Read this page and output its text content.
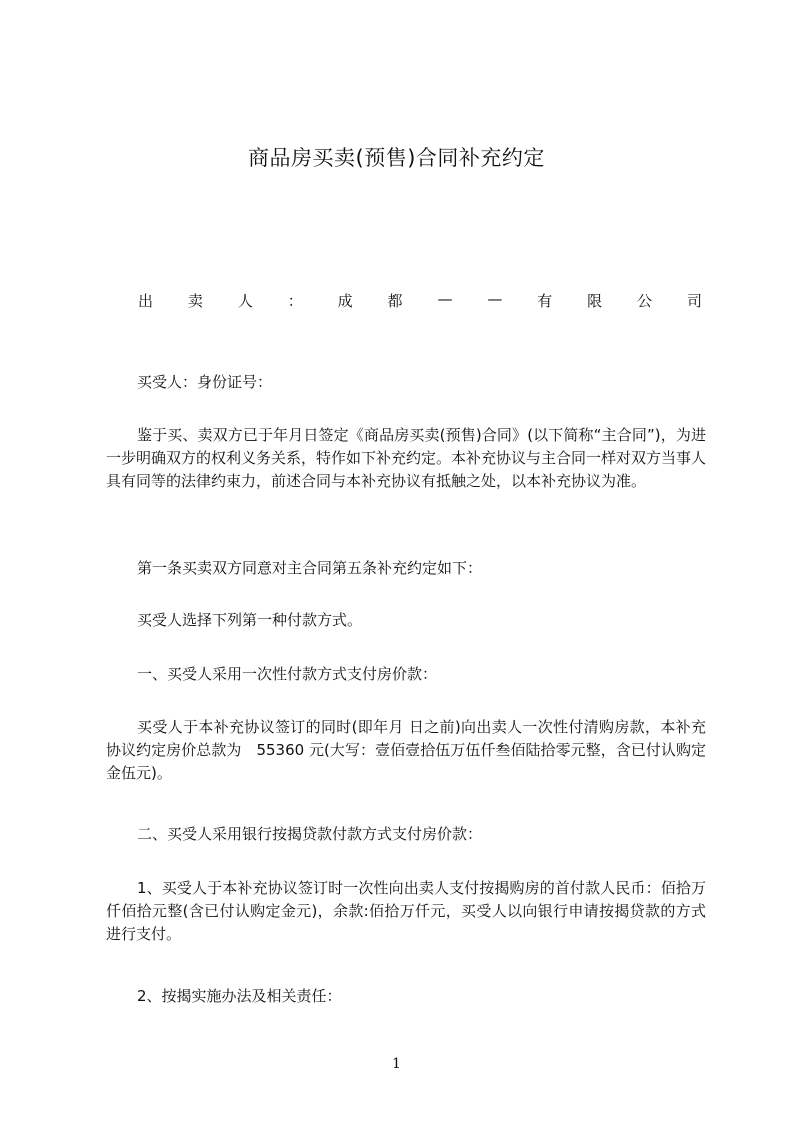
商品房买卖(预售)合同补充约定
出 卖 人 ： 成 都 — — 有 限 公 司

买受人：身份证号：

鉴于买、卖双方已于年月日签定《商品房买卖(预售)合同》(以下简称“主合同”)，为进一步明确双方的权利义务关系，特作如下补充约定。本补充协议与主合同一样对双方当事人具有同等的法律约束力，前述合同与本补充协议有抵触之处，以本补充协议为准。

第一条买卖双方同意对主合同第五条补充约定如下：

买受人选择下列第一种付款方式。

一、买受人采用一次性付款方式支付房价款：

买受人于本补充协议签订的同时(即年月 日之前)向出卖人一次性付清购房款，本补充协议约定房价总款为　55360 元(大写：壹佰壹拾伍万伍仟叁佰陆拾零元整，含已付认购定金伍元)。

二、买受人采用银行按揭贷款付款方式支付房价款：

1、买受人于本补充协议签订时一次性向出卖人支付按揭购房的首付款人民币：佰拾万仟佰拾元整(含已付认购定金元)，余款:佰拾万仟元，买受人以向银行申请按揭贷款的方式进行支付。

2、按揭实施办法及相关责任：

1
